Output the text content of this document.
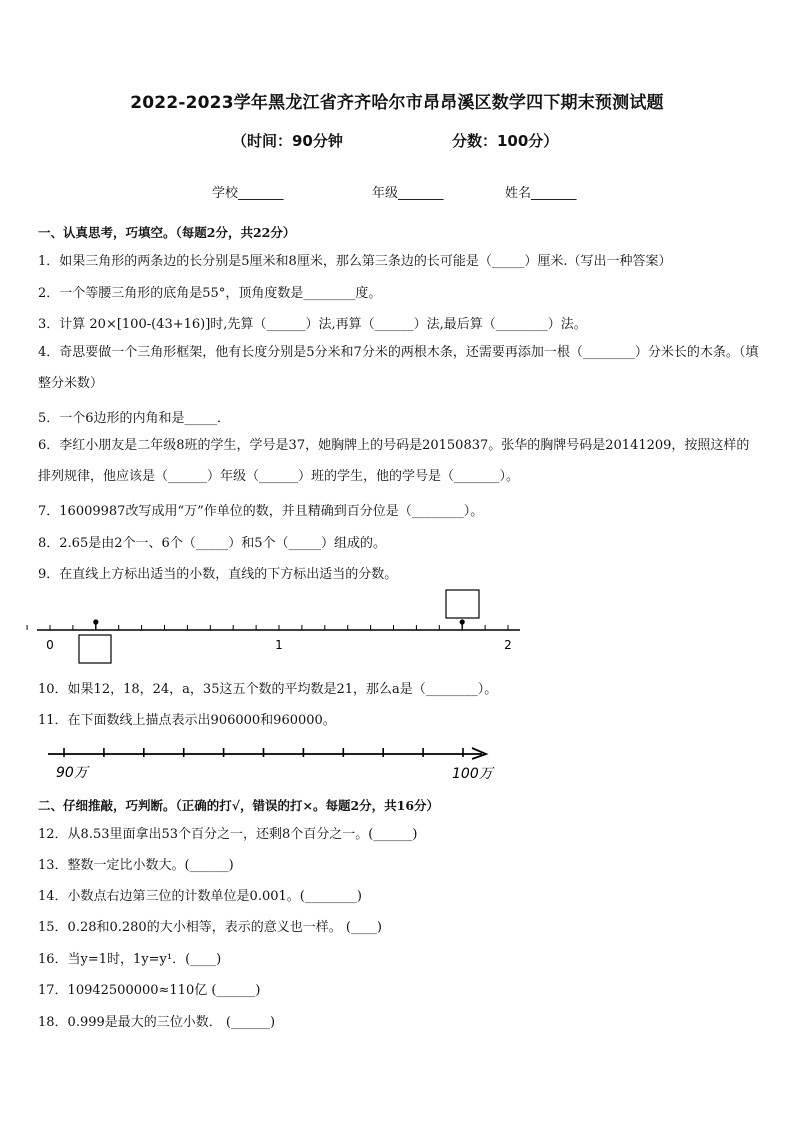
2022-2023学年黑龙江省齐齐哈尔市昂昂溪区数学四下期末预测试题
（时间：90分钟	分数：100分）
学校_______	年级_______	姓名_______
一、认真思考，巧填空。（每题2分，共22分）
1．如果三角形的两条边的长分别是5厘米和8厘米，那么第三条边的长可能是（_____）厘米.（写出一种答案）
2．一个等腰三角形的底角是55°，顶角度数是________度。
3．计算 20×[100-(43+16)]时,先算（______）法,再算（______）法,最后算（________）法。
4．奇思要做一个三角形框架，他有长度分别是5分米和7分米的两根木条，还需要再添加一根（________）分米长的木条。（填整分米数）
5．一个6边形的内角和是_____．
6．李红小朋友是二年级8班的学生，学号是37，她胸牌上的号码是20150837。张华的胸牌号码是20141209，按照这样的排列规律，他应该是（______）年级（______）班的学生，他的学号是（_______）。
7．16009987改写成用“万”作单位的数，并且精确到百分位是（________）。
8．2.65是由2个一、6个（_____）和5个（_____）组成的。
9．在直线上方标出适当的小数，直线的下方标出适当的分数。
0	1	2
10．如果12，18，24，a，35这五个数的平均数是21，那么a是（________）。
11．在下面数线上描点表示出906000和960000。
90万	100万
二、仔细推敲，巧判断。（正确的打√，错误的打×。每题2分，共16分）
12．从8.53里面拿出53个百分之一，还剩8个百分之一。(______)
13．整数一定比小数大。(______)
14．小数点右边第三位的计数单位是0.001。(________)
15．0.28和0.280的大小相等，表示的意义也一样。 (____)
16．当y=1时，1y=y¹．(____)
17．10942500000≈110亿 (______)
18．0.999是最大的三位小数． (______)
